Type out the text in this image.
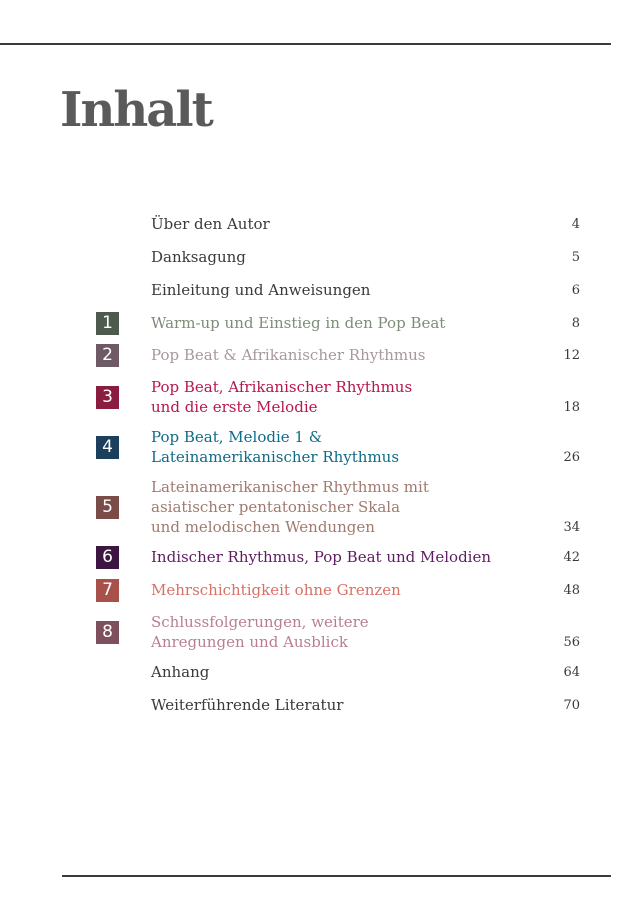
Inhalt
Über den Autor	4
Danksagung	5
Einleitung und Anweisungen	6
1	Warm-up und Einstieg in den Pop Beat	8
2	Pop Beat & Afrikanischer Rhythmus	12
3	Pop Beat, Afrikanischer Rhythmus
und die erste Melodie	18
4	Pop Beat, Melodie 1 &
Lateinamerikanischer Rhythmus	26
5
Lateinamerikanischer Rhythmus mit
asiatischer pentatonischer Skala
und melodischen Wendungen	34
6	Indischer Rhythmus, Pop Beat und Melodien	42
7	Mehrschichtigkeit ohne Grenzen	48
8	Schlussfolgerungen, weitere
Anregungen und Ausblick	56
Anhang	64
Weiterführende Literatur	70
